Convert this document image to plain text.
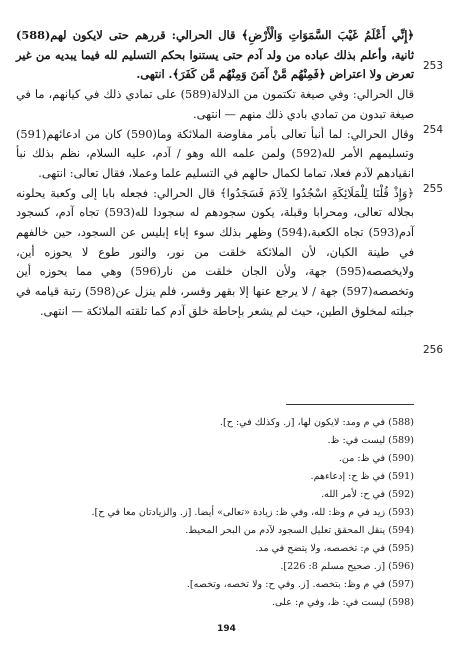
﴿إِنِّي أَعْلَمُ غَيْبَ السَّمَوَاتِ وَالْأَرْضِ﴾ قال الحرالي: قررهم حتى لايكون لهم(588) ثانية، وأعلم بذلك عباده من ولد آدم حتى يستنوا بحكم التسليم لله فيما يبديه من غير تعرض ولا اعتراض ﴿فَمِنْهُم مَّنْ آمَنَ وَمِنْهُم مَّن كَفَرَ﴾. انتهى.

قال الحرالي: وفي صيغة تكتمون من الدلالة(589) على تمادي ذلك في كيانهم، ما في صيغة تبدون من تمادي بادي ذلك منهم — انتهى.

وقال الحرالي: لما أنبأ تعالى بأمر مفاوضة الملائكة وما(590) كان من ادعائهم(591) وتسليمهم الأمر لله(592) ولمن علمه الله وهو / آدم، عليه السلام، نظم بذلك نبأ انقيادهم لآدم فعلا، تماما لكمال حالهم في التسليم علما وعملا، فقال تعالى: انتهى.

﴿وَإِذْ قُلْنَا لِلْمَلَائِكَةِ اسْجُدُوا لِآدَمَ فَسَجَدُوا﴾ قال الحرالي: فجعله بابا إلى وكعبة يحلونه بجلاله تعالى، ومحرابا وقبلة، يكون سجودهم له سجودا لله(593) تجاه آدم، كسجود آدم(593) تجاه الكعبة،(594) وظهر بذلك سوء إباء إبليس عن السجود، حين خالفهم في طينة الكيان، لأن الملائكة خلقت من نور، والنور طوع لا يحوزه أين، ولايخصصه(595) جهة، ولأن الجان خلقت من نار(596) وهي مما يحوزه أين وتخصصه(597) جهة / لا يرجع عنها إلا بقهر وقسر، فلم ينزل عن(598) رتبة قيامه في جبلته لمخلوق الطين، حيث لم يشعر بإحاطة خلق آدم كما تلقته الملائكة — انتهى.

253
254
255
256
(588) في م ومد: لايكون لها، [ز. وكذلك في: ح].
(589) ليست في: ظ.
(590) في ظ: من.
(591) في ظ ح: إدعاءهم.
(592) في ح: لأمر الله.
(593) زيد في م وظ: لله، وفي ظ: زيادة «تعالى» أيضا. [ز. والزيادتان معا في ح].
(594) ينقل المحقق تعليل السجود لآدم من البحر المحيط.
(595) في م: تخصصه، ولا يتضح في مد.
(596) [ز. صحيح مسلم 8: 226].
(597) في م وظ: بتخصه. [ز. وفي ح: ولا تخصه، وتخصه].
(598) ليست في: ظ، وفي م: على.
194
